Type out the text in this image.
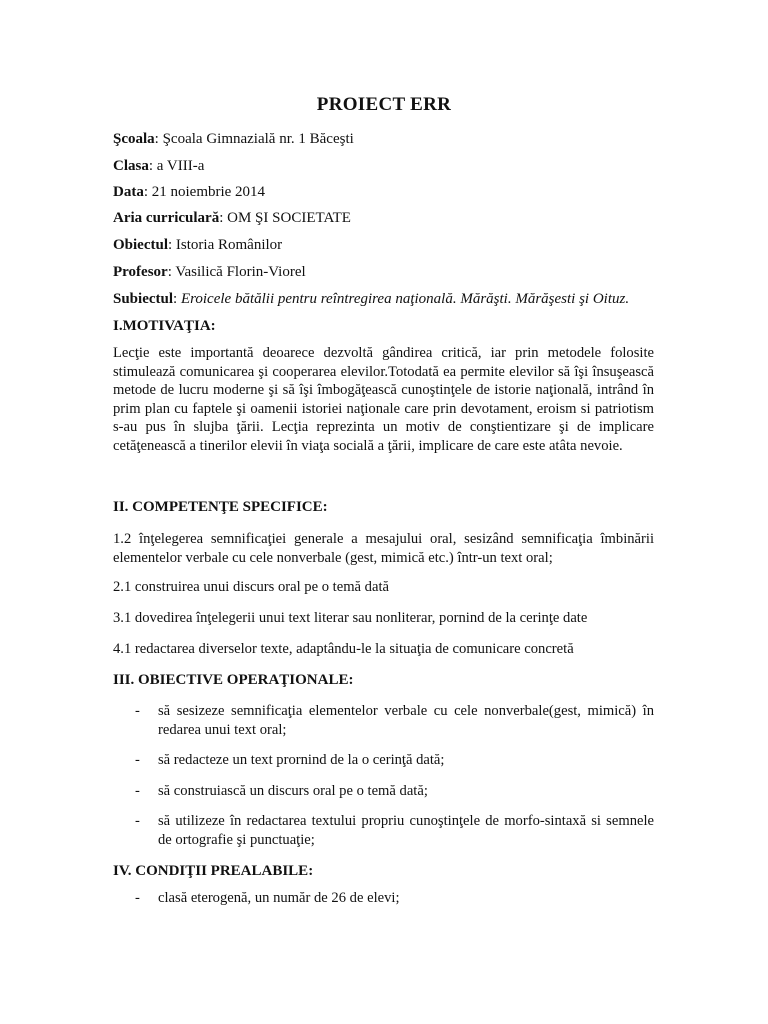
PROIECT ERR
Şcoala: Şcoala Gimnazială nr. 1 Băceşti
Clasa: a VIII-a
Data: 21 noiembrie 2014
Aria curriculară: OM ŞI SOCIETATE
Obiectul: Istoria Românilor
Profesor: Vasilică Florin-Viorel
Subiectul: Eroicele bătălii pentru reîntregirea naţională. Mărăşti. Mărăşesti şi Oituz.
I.MOTIVAŢIA:
Lecţie este importantă deoarece dezvoltă gândirea critică, iar prin metodele folosite stimulează comunicarea şi cooperarea elevilor.Totodată ea permite elevilor să îşi însuşească metode de lucru moderne şi să îşi îmbogăţească cunoştinţele de istorie naţională, intrând în prim plan cu faptele şi oamenii istoriei naţionale care prin devotament, eroism si patriotism s-au pus în slujba ţării. Lecţia reprezinta un motiv de conştientizare şi de implicare cetăţenească a tinerilor elevii în viaţa socială a ţării, implicare de care este atâta nevoie.
II. COMPETENŢE SPECIFICE:
1.2 înţelegerea semnificaţiei generale a mesajului oral, sesizând semnificaţia îmbinării elementelor verbale cu cele nonverbale (gest, mimică etc.) într-un text oral;
2.1 construirea unui discurs oral pe o temă dată
3.1 dovedirea înţelegerii unui text literar sau nonliterar, pornind de la cerinţe date
4.1 redactarea diverselor texte, adaptându-le la situaţia de comunicare concretă
III. OBIECTIVE OPERAŢIONALE:
- să sesizeze semnificaţia elementelor verbale cu cele nonverbale(gest, mimică) în redarea unui text oral;
- să redacteze un text prornind de la o cerinţă dată;
- să construiască un discurs oral pe o temă dată;
- să utilizeze în redactarea textului propriu cunoştinţele de morfo-sintaxă si semnele de ortografie şi punctuaţie;
IV. CONDIŢII PREALABILE:
- clasă eterogenă, un număr de 26 de elevi;
